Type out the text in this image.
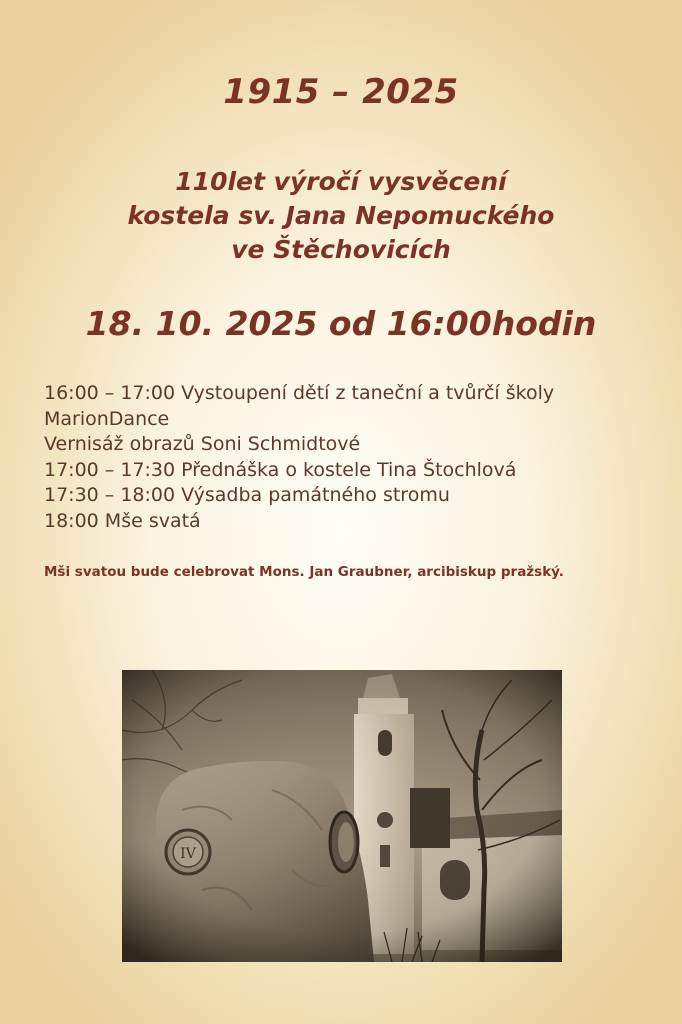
1915 – 2025
110let výročí vysvěcení
kostela sv. Jana Nepomuckého
ve Štěchovicích
18. 10. 2025 od 16:00hodin
16:00 – 17:00 Vystoupení dětí z taneční a tvůrčí školy
MarionDance
Vernisáž obrazů Soni Schmidtové
17:00 – 17:30 Přednáška o kostele Tina Štochlová
17:30 – 18:00 Výsadba památného stromu
18:00 Mše svatá
Mši svatou bude celebrovat Mons. Jan Graubner, arcibiskup pražský.
